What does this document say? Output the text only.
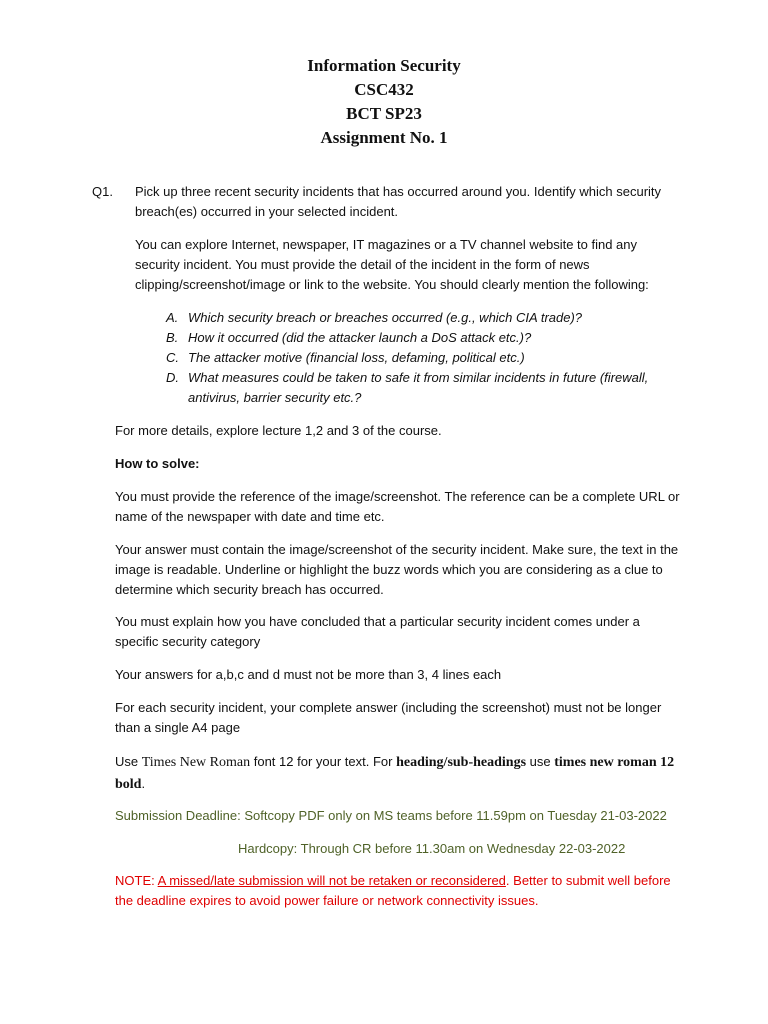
Information Security
CSC432
BCT SP23
Assignment No. 1
Q1. Pick up three recent security incidents that has occurred around you. Identify which security breach(es) occurred in your selected incident.
You can explore Internet, newspaper, IT magazines or a TV channel website to find any security incident. You must provide the detail of the incident in the form of news clipping/screenshot/image or link to the website. You should clearly mention the following:
A. Which security breach or breaches occurred (e.g., which CIA trade)?
B. How it occurred (did the attacker launch a DoS attack etc.)?
C. The attacker motive (financial loss, defaming, political etc.)
D. What measures could be taken to safe it from similar incidents in future (firewall, antivirus, barrier security etc.?
For more details, explore lecture 1,2 and 3 of the course.
How to solve:
You must provide the reference of the image/screenshot. The reference can be a complete URL or name of the newspaper with date and time etc.
Your answer must contain the image/screenshot of the security incident. Make sure, the text in the image is readable. Underline or highlight the buzz words which you are considering as a clue to determine which security breach has occurred.
You must explain how you have concluded that a particular security incident comes under a specific security category
Your answers for a,b,c and d must not be more than 3, 4 lines each
For each security incident, your complete answer (including the screenshot) must not be longer than a single A4 page
Use Times New Roman font 12 for your text. For heading/sub-headings use times new roman 12 bold.
Submission Deadline: Softcopy PDF only on MS teams before 11.59pm on Tuesday 21-03-2022
Hardcopy: Through CR before 11.30am on Wednesday 22-03-2022
NOTE: A missed/late submission will not be retaken or reconsidered. Better to submit well before the deadline expires to avoid power failure or network connectivity issues.
